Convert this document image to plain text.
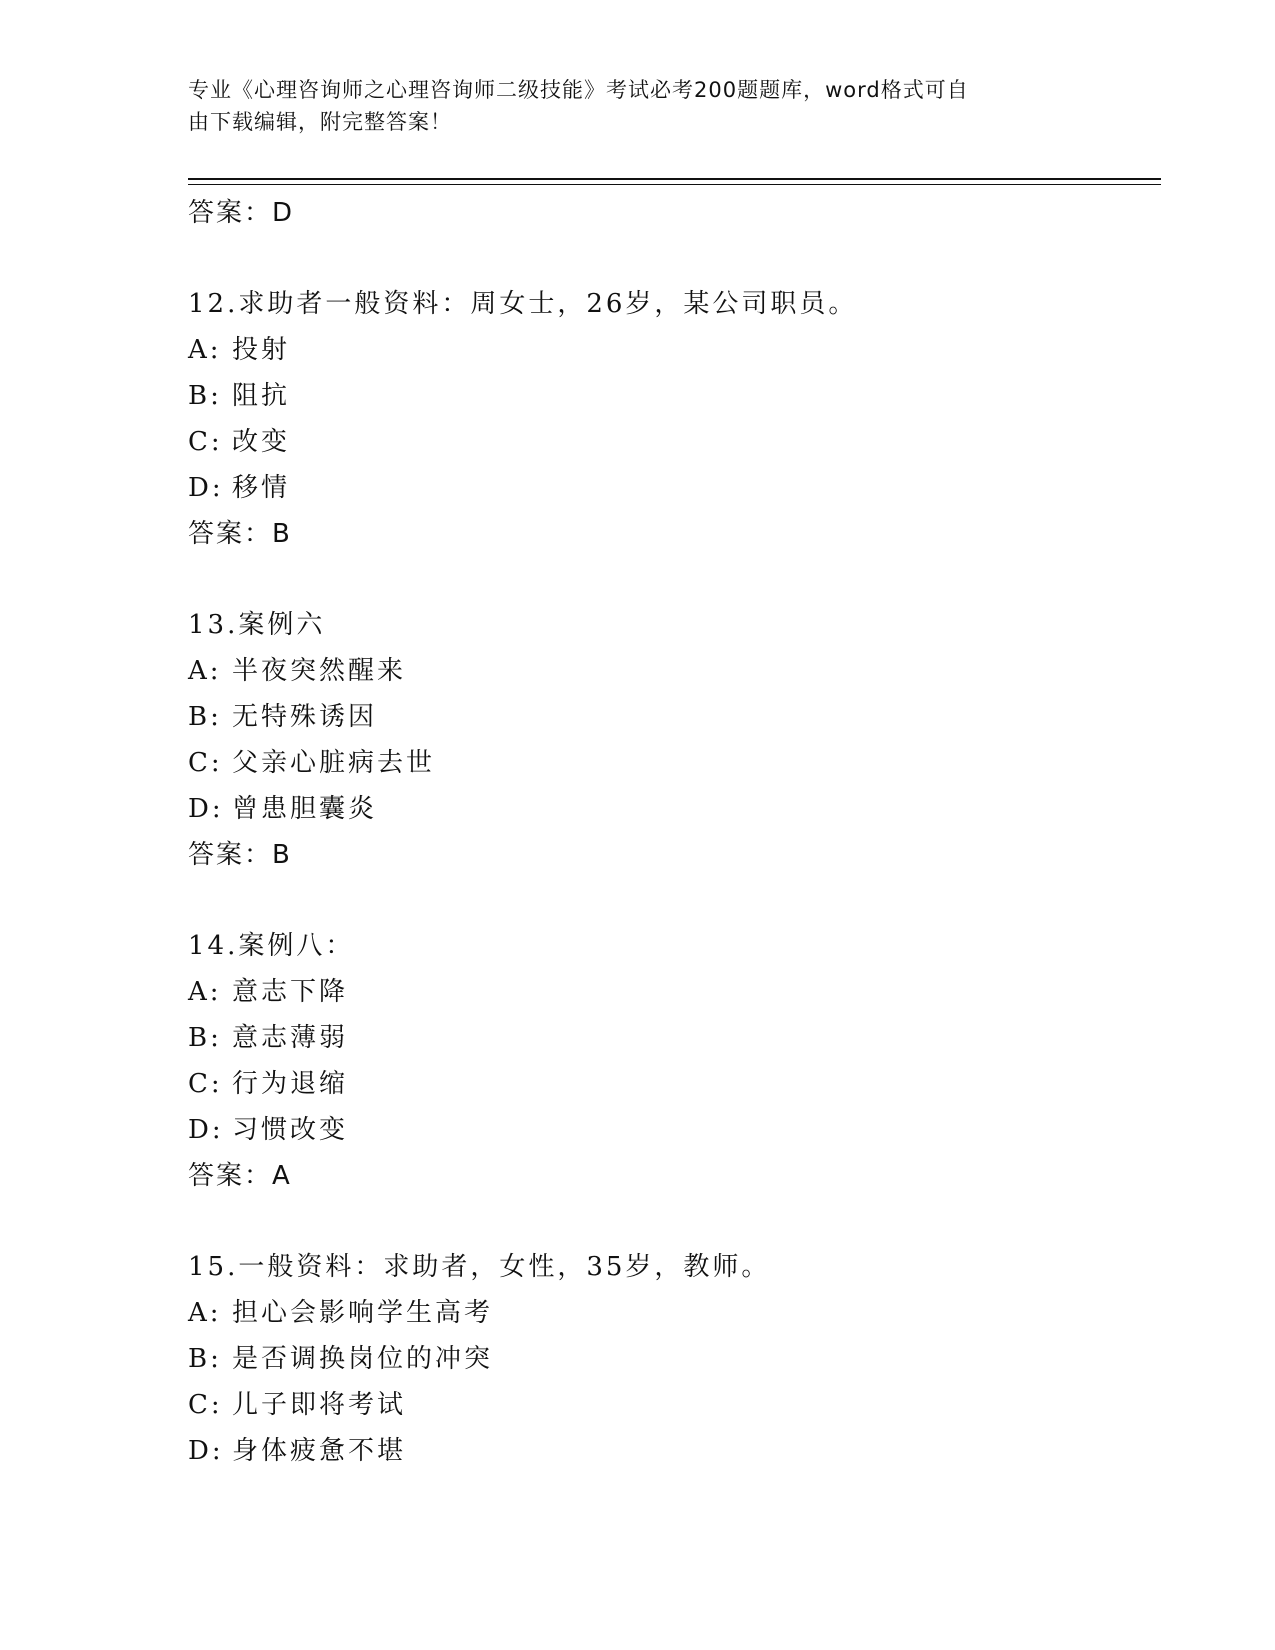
专业《心理咨询师之心理咨询师二级技能》考试必考200题题库，word格式可自
由下载编辑，附完整答案！
答案：D
12.求助者一般资料：周女士，26岁，某公司职员。
A: 投射
B: 阻抗
C: 改变
D: 移情
答案：B
13.案例六
A: 半夜突然醒来
B: 无特殊诱因
C: 父亲心脏病去世
D: 曾患胆囊炎
答案：B
14.案例八：
A: 意志下降
B: 意志薄弱
C: 行为退缩
D: 习惯改变
答案：A
15.一般资料：求助者，女性，35岁，教师。
A: 担心会影响学生高考
B: 是否调换岗位的冲突
C: 儿子即将考试
D: 身体疲惫不堪
